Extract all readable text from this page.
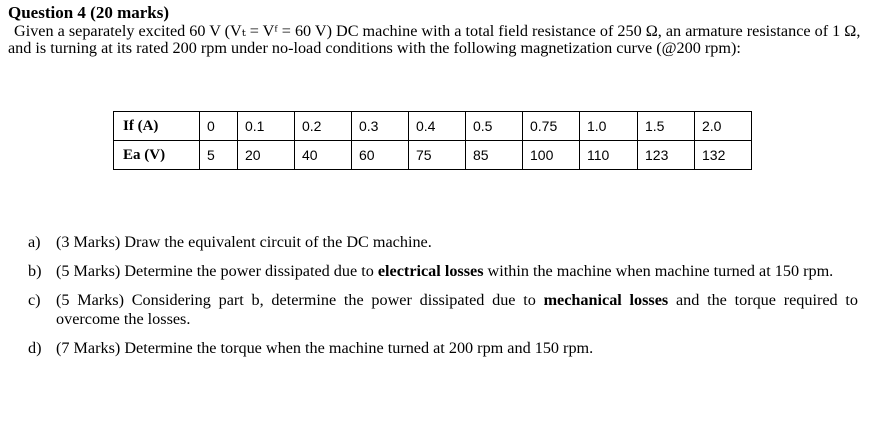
Question 4 (20 marks)
Given a separately excited 60 V (Vₜ = Vᶠ = 60 V) DC machine with a total field resistance of 250 Ω, an armature resistance of 1 Ω, and is turning at its rated 200 rpm under no-load conditions with the following magnetization curve (@200 rpm):
If (A)	0	0.1	0.2	0.3	0.4	0.5	0.75	1.0	1.5	2.0
Ea (V)	5	20	40	60	75	85	100	110	123	132
a) (3 Marks) Draw the equivalent circuit of the DC machine.
b) (5 Marks) Determine the power dissipated due to electrical losses within the machine when machine turned at 150 rpm.
c) (5 Marks) Considering part b, determine the power dissipated due to mechanical losses and the torque required to overcome the losses.
d) (7 Marks) Determine the torque when the machine turned at 200 rpm and 150 rpm.
